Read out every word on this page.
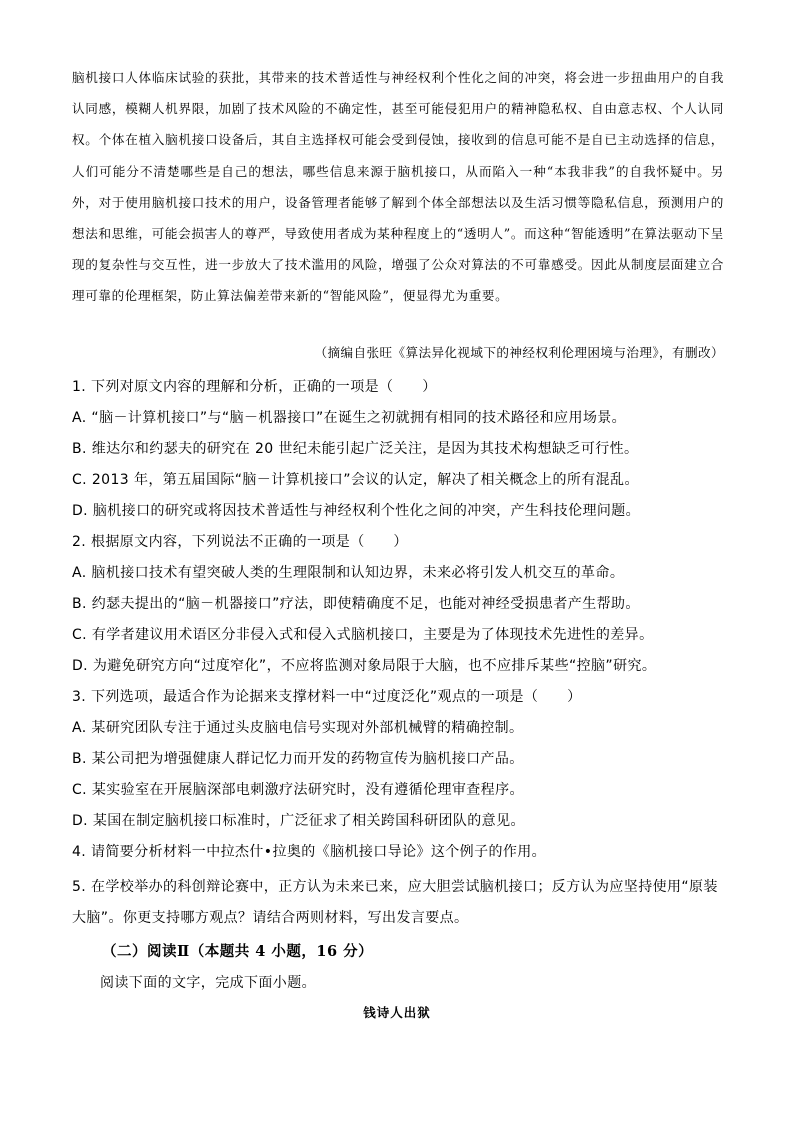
脑机接口人体临床试验的获批，其带来的技术普适性与神经权利个性化之间的冲突，将会进一步扭曲用户的自我认同感，模糊人机界限，加剧了技术风险的不确定性，甚至可能侵犯用户的精神隐私权、自由意志权、个人认同权。个体在植入脑机接口设备后，其自主选择权可能会受到侵蚀，接收到的信息可能不是自已主动选择的信息，人们可能分不清楚哪些是自己的想法，哪些信息来源于脑机接口，从而陷入一种“本我非我”的自我怀疑中。另外，对于使用脑机接口技术的用户，设备管理者能够了解到个体全部想法以及生活习惯等隐私信息，预测用户的想法和思维，可能会损害人的尊严，导致使用者成为某种程度上的“透明人”。而这种“智能透明”在算法驱动下呈现的复杂性与交互性，进一步放大了技术滥用的风险，增强了公众对算法的不可靠感受。因此从制度层面建立合理可靠的伦理框架，防止算法偏差带来新的“智能风险”，便显得尤为重要。
（摘编自张旺《算法异化视域下的神经权利伦理困境与治理》，有删改）
1. 下列对原文内容的理解和分析，正确的一项是（　　）
A. “脑－计算机接口”与“脑－机器接口”在诞生之初就拥有相同的技术路径和应用场景。
B. 维达尔和约瑟夫的研究在 20 世纪未能引起广泛关注，是因为其技术构想缺乏可行性。
C. 2013 年，第五届国际“脑－计算机接口”会议的认定，解决了相关概念上的所有混乱。
D. 脑机接口的研究或将因技术普适性与神经权利个性化之间的冲突，产生科技伦理问题。
2. 根据原文内容，下列说法不正确的一项是（　　）
A. 脑机接口技术有望突破人类的生理限制和认知边界，未来必将引发人机交互的革命。
B. 约瑟夫提出的“脑－机器接口”疗法，即使精确度不足，也能对神经受损患者产生帮助。
C. 有学者建议用术语区分非侵入式和侵入式脑机接口，主要是为了体现技术先进性的差异。
D. 为避免研究方向“过度窄化”，不应将监测对象局限于大脑，也不应排斥某些“控脑”研究。
3. 下列选项，最适合作为论据来支撑材料一中“过度泛化”观点的一项是（　　）
A. 某研究团队专注于通过头皮脑电信号实现对外部机械臂的精确控制。
B. 某公司把为增强健康人群记忆力而开发的药物宣传为脑机接口产品。
C. 某实验室在开展脑深部电刺激疗法研究时，没有遵循伦理审查程序。
D. 某国在制定脑机接口标准时，广泛征求了相关跨国科研团队的意见。
4. 请简要分析材料一中拉杰什•拉奥的《脑机接口导论》这个例子的作用。
5. 在学校举办的科创辩论赛中，正方认为未来已来，应大胆尝试脑机接口；反方认为应坚持使用“原装大脑”。你更支持哪方观点？请结合两则材料，写出发言要点。
（二）阅读Ⅱ（本题共 4 小题，16 分）
阅读下面的文字，完成下面小题。
钱诗人出狱
